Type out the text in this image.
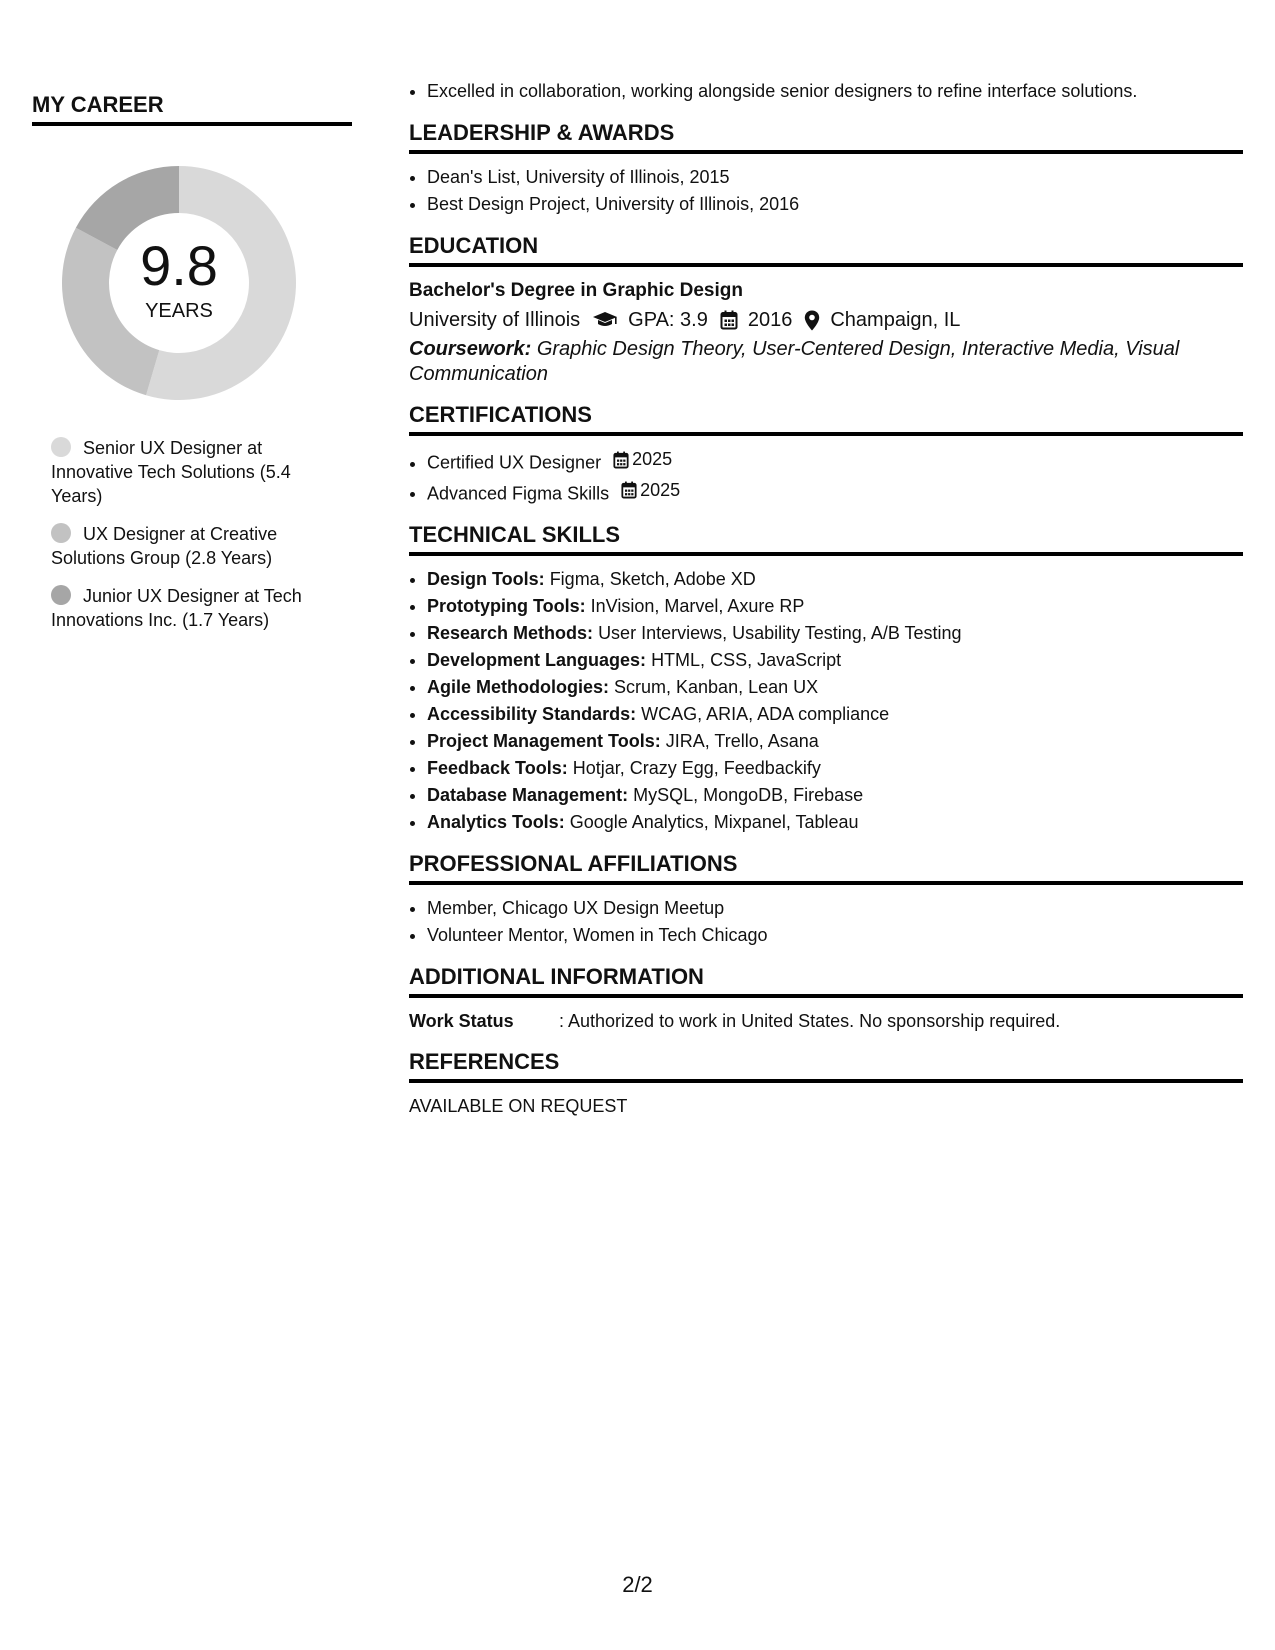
MY CAREER
9.8
YEARS
Senior UX Designer at Innovative Tech Solutions (5.4 Years)
UX Designer at Creative Solutions Group (2.8 Years)
Junior UX Designer at Tech Innovations Inc. (1.7 Years)
• Excelled in collaboration, working alongside senior designers to refine interface solutions.
LEADERSHIP & AWARDS
• Dean's List, University of Illinois, 2015
• Best Design Project, University of Illinois, 2016
EDUCATION
Bachelor's Degree in Graphic Design
University of Illinois GPA: 3.9 2016 Champaign, IL
Coursework: Graphic Design Theory, User-Centered Design, Interactive Media, Visual Communication
CERTIFICATIONS
• Certified UX Designer 2025
• Advanced Figma Skills 2025
TECHNICAL SKILLS
• Design Tools: Figma, Sketch, Adobe XD
• Prototyping Tools: InVision, Marvel, Axure RP
• Research Methods: User Interviews, Usability Testing, A/B Testing
• Development Languages: HTML, CSS, JavaScript
• Agile Methodologies: Scrum, Kanban, Lean UX
• Accessibility Standards: WCAG, ARIA, ADA compliance
• Project Management Tools: JIRA, Trello, Asana
• Feedback Tools: Hotjar, Crazy Egg, Feedbackify
• Database Management: MySQL, MongoDB, Firebase
• Analytics Tools: Google Analytics, Mixpanel, Tableau
PROFESSIONAL AFFILIATIONS
• Member, Chicago UX Design Meetup
• Volunteer Mentor, Women in Tech Chicago
ADDITIONAL INFORMATION
Work Status	: Authorized to work in United States. No sponsorship required.
REFERENCES
AVAILABLE ON REQUEST
2/2
